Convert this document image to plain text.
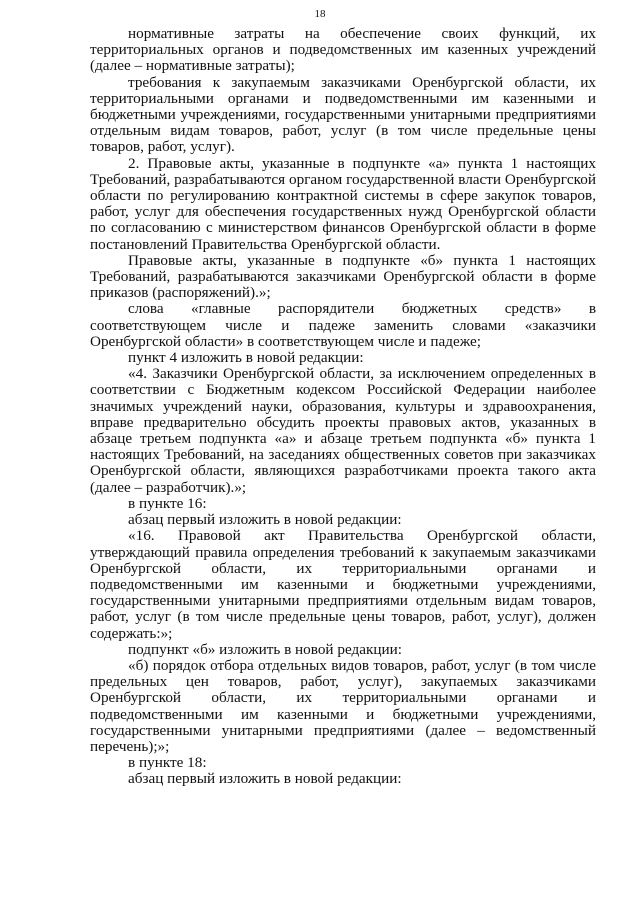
18

нормативные затраты на обеспечение своих функций, их территориальных органов и подведомственных им казенных учреждений (далее – нормативные затраты);

требования к закупаемым заказчиками Оренбургской области, их территориальными органами и подведомственными им казенными и бюджетными учреждениями, государственными унитарными предприятиями отдельным видам товаров, работ, услуг (в том числе предельные цены товаров, работ, услуг).

2. Правовые акты, указанные в подпункте «а» пункта 1 настоящих Требований, разрабатываются органом государственной власти Оренбургской области по регулированию контрактной системы в сфере закупок товаров, работ, услуг для обеспечения государственных нужд Оренбургской области по согласованию с министерством финансов Оренбургской области в форме постановлений Правительства Оренбургской области.

Правовые акты, указанные в подпункте «б» пункта 1 настоящих Требований, разрабатываются заказчиками Оренбургской области в форме приказов (распоряжений).»;

слова «главные распорядители бюджетных средств» в соответствующем числе и падеже заменить словами «заказчики Оренбургской области» в соответствующем числе и падеже;

пункт 4 изложить в новой редакции:

«4. Заказчики Оренбургской области, за исключением определенных в соответствии с Бюджетным кодексом Российской Федерации наиболее значимых учреждений науки, образования, культуры и здравоохранения, вправе предварительно обсудить проекты правовых актов, указанных в абзаце третьем подпункта «а» и абзаце третьем подпункта «б» пункта 1 настоящих Требований, на заседаниях общественных советов при заказчиках Оренбургской области, являющихся разработчиками проекта такого акта (далее – разработчик).»;

в пункте 16:

абзац первый изложить в новой редакции:

«16. Правовой акт Правительства Оренбургской области, утверждающий правила определения требований к закупаемым заказчиками Оренбургской области, их территориальными органами и подведомственными им казенными и бюджетными учреждениями, государственными унитарными предприятиями отдельным видам товаров, работ, услуг (в том числе предельные цены товаров, работ, услуг), должен содержать:»;

подпункт «б» изложить в новой редакции:

«б) порядок отбора отдельных видов товаров, работ, услуг (в том числе предельных цен товаров, работ, услуг), закупаемых заказчиками Оренбургской области, их территориальными органами и подведомственными им казенными и бюджетными учреждениями, государственными унитарными предприятиями (далее – ведомственный перечень);»;

в пункте 18:

абзац первый изложить в новой редакции:
